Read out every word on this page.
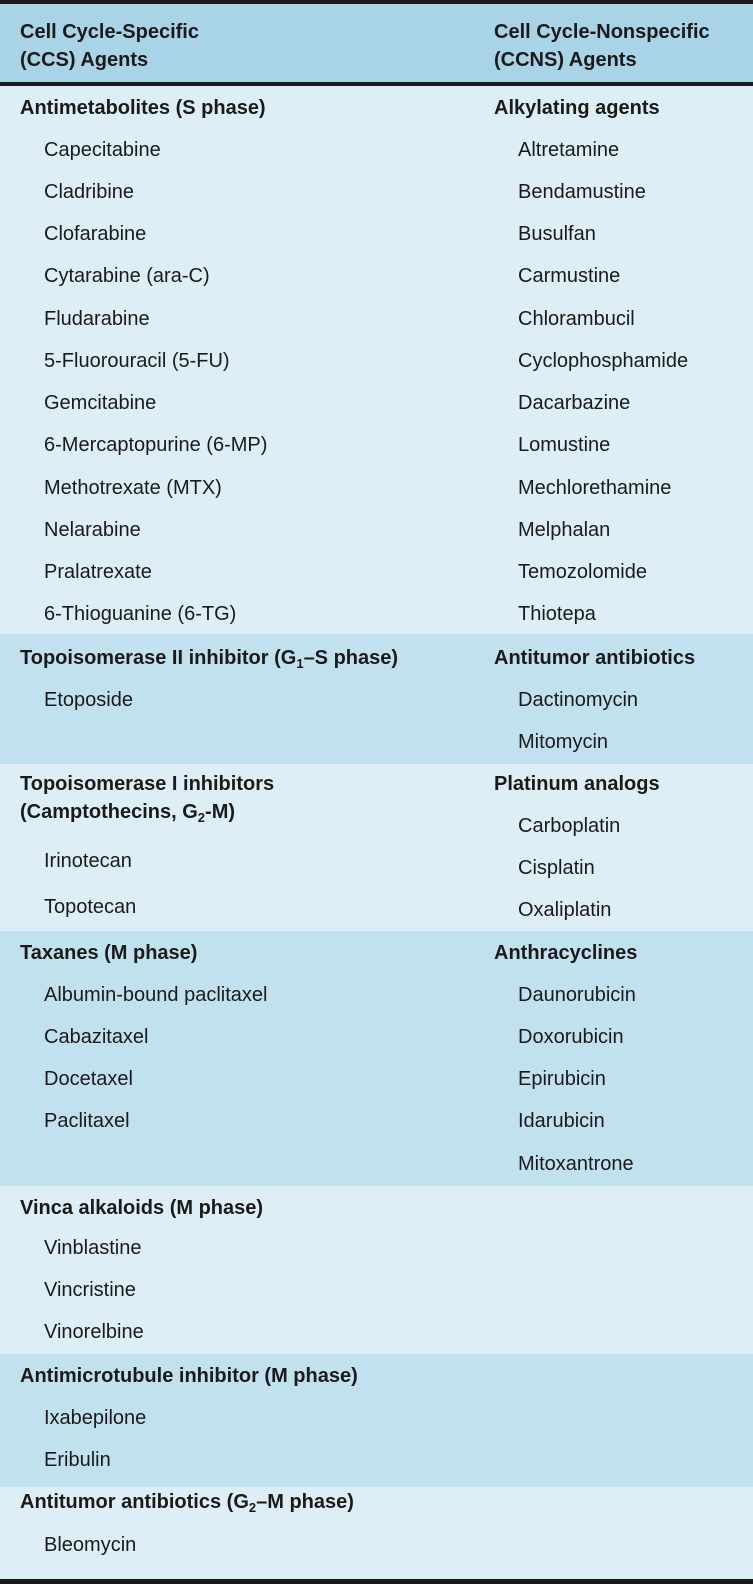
Cell Cycle-Specific
(CCS) Agents
Cell Cycle-Nonspecific
(CCNS) Agents
Antimetabolites (S phase)
Capecitabine
Cladribine
Clofarabine
Cytarabine (ara-C)
Fludarabine
5-Fluorouracil (5-FU)
Gemcitabine
6-Mercaptopurine (6-MP)
Methotrexate (MTX)
Nelarabine
Pralatrexate
6-Thioguanine (6-TG)
Alkylating agents
Altretamine
Bendamustine
Busulfan
Carmustine
Chlorambucil
Cyclophosphamide
Dacarbazine
Lomustine
Mechlorethamine
Melphalan
Temozolomide
Thiotepa
Topoisomerase II inhibitor ($G_1-S$ phase)
Etoposide
Antitumor antibiotics
Dactinomycin
Mitomycin
Topoisomerase I inhibitors
(Camptothecins, $G_2-M$)
Irinotecan
Topotecan
Platinum analogs
Carboplatin
Cisplatin
Oxaliplatin
Taxanes (M phase)
Albumin-bound paclitaxel
Cabazitaxel
Docetaxel
Paclitaxel
Anthracyclines
Daunorubicin
Doxorubicin
Epirubicin
Idarubicin
Mitoxantrone
Vinca alkaloids (M phase)
Vinblastine
Vincristine
Vinorelbine
Antimicrotubule inhibitor (M phase)
Ixabepilone
Eribulin
Antitumor antibiotics ($G_2-M$ phase)
Bleomycin
